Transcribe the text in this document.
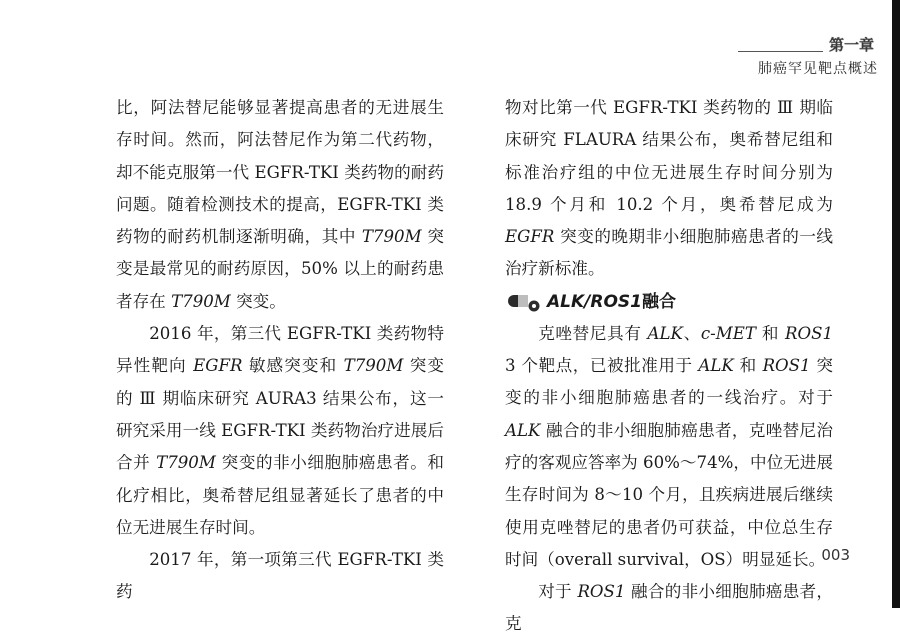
第一章
肺癌罕见靶点概述

比，阿法替尼能够显著提高患者的无进展生存时间。然而，阿法替尼作为第二代药物，却不能克服第一代 EGFR-TKI 类药物的耐药问题。随着检测技术的提高，EGFR-TKI 类药物的耐药机制逐渐明确，其中 T790M 突变是最常见的耐药原因，50% 以上的耐药患者存在 T790M 突变。

2016 年，第三代 EGFR-TKI 类药物特异性靶向 EGFR 敏感突变和 T790M 突变的 Ⅲ 期临床研究 AURA3 结果公布，这一研究采用一线 EGFR-TKI 类药物治疗进展后合并 T790M 突变的非小细胞肺癌患者。和化疗相比，奥希替尼组显著延长了患者的中位无进展生存时间。

2017 年，第一项第三代 EGFR-TKI 类药

物对比第一代 EGFR-TKI 类药物的 Ⅲ 期临床研究 FLAURA 结果公布，奥希替尼组和标准治疗组的中位无进展生存时间分别为 18.9 个月和 10.2 个月，奥希替尼成为 EGFR 突变的晚期非小细胞肺癌患者的一线治疗新标准。

ALK/ROS1 融合

克唑替尼具有 ALK、c-MET 和 ROS1 3 个靶点，已被批准用于 ALK 和 ROS1 突变的非小细胞肺癌患者的一线治疗。对于 ALK 融合的非小细胞肺癌患者，克唑替尼治疗的客观应答率为 60%～74%，中位无进展生存时间为 8～10 个月，且疾病进展后继续使用克唑替尼的患者仍可获益，中位总生存时间（overall survival，OS）明显延长。

对于 ROS1 融合的非小细胞肺癌患者，克

003
